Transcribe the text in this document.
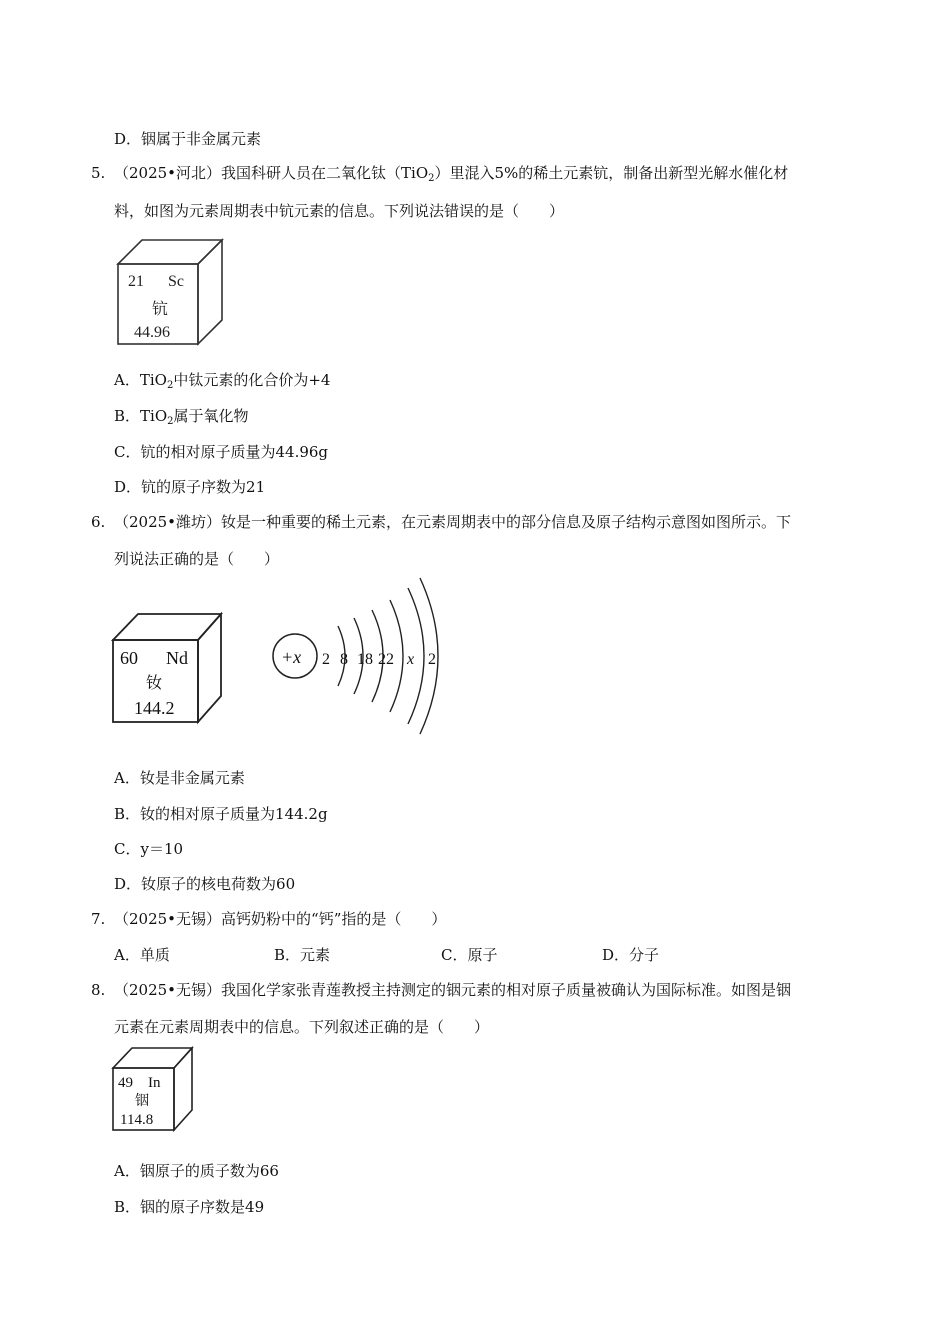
D．铟属于非金属元素
5. （2025•河北）我国科研人员在二氧化钛（TiO$_2$）里混入5%的稀土元素钪，制备出新型光解水催化材
料，如图为元素周期表中钪元素的信息。下列说法错误的是（　　）
21 Sc
钪
44.96
A．TiO$_2$中钛元素的化合价为+4
B．TiO$_2$属于氧化物
C．钪的相对原子质量为44.96g
D．钪的原子序数为21
6. （2025•潍坊）钕是一种重要的稀土元素，在元素周期表中的部分信息及原子结构示意图如图所示。下
列说法正确的是（　　）
60 Nd
钕
144.2
+x 2 8 18 22 x 2
A．钕是非金属元素
B．钕的相对原子质量为144.2g
C．y＝10
D．钕原子的核电荷数为60
7. （2025•无锡）高钙奶粉中的“钙”指的是（　　）
A．单质	B．元素	C．原子	D．分子
8. （2025•无锡）我国化学家张青莲教授主持测定的铟元素的相对原子质量被确认为国际标准。如图是铟
元素在元素周期表中的信息。下列叙述正确的是（　　）
49 In
铟
114.8
A．铟原子的质子数为66
B．铟的原子序数是49
